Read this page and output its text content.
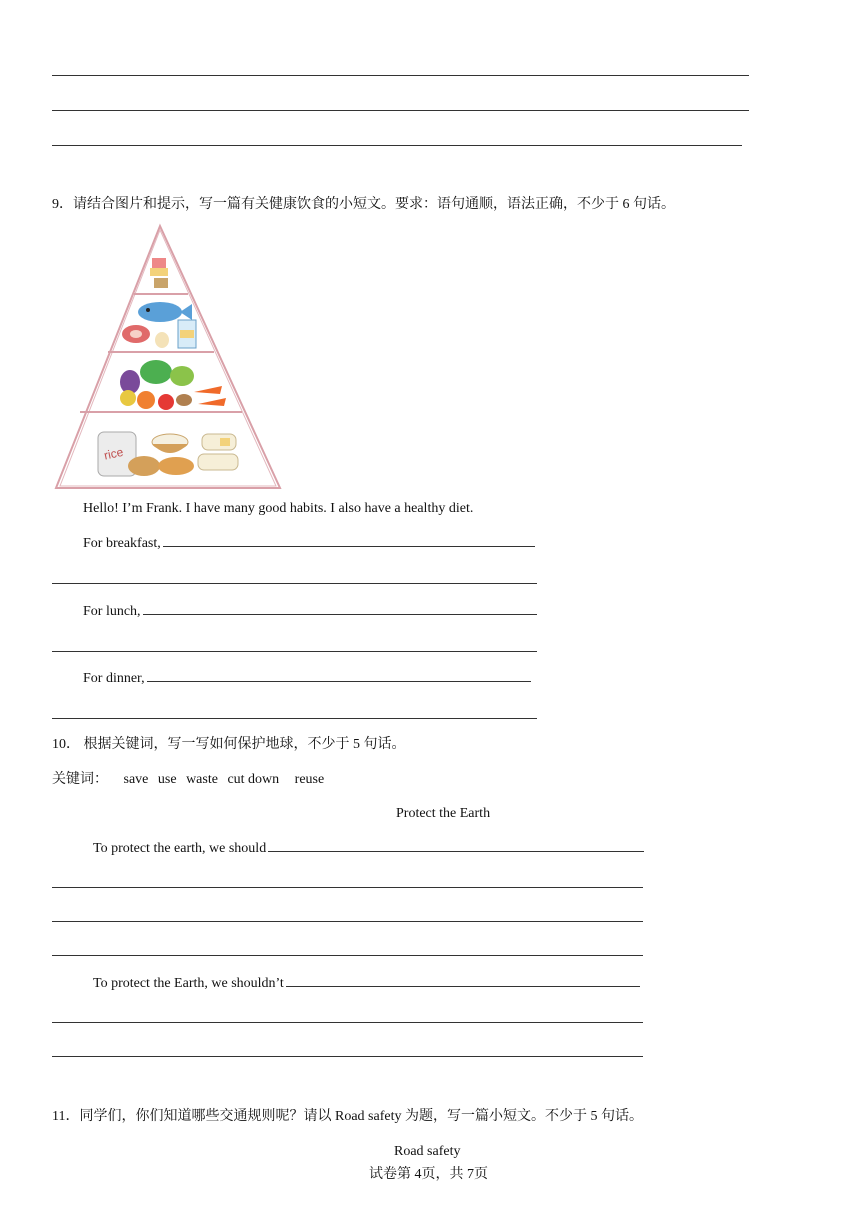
9．请结合图片和提示，写一篇有关健康饮食的小短文。要求：语句通顺，语法正确，不少于 6 句话。
rice
Hello! I’m Frank. I have many good habits. I also have a healthy diet.
For breakfast,
For lunch,
For dinner,
10． 根据关键词，写一写如何保护地球，不少于 5 句话。
关键词： save use waste cut down reuse
Protect the Earth
To protect the earth, we should
To protect the Earth, we shouldn’t
11．同学们，你们知道哪些交通规则呢？请以 Road safety 为题，写一篇小短文。不少于 5 句话。
Road safety
试卷第 4页，共 7页
